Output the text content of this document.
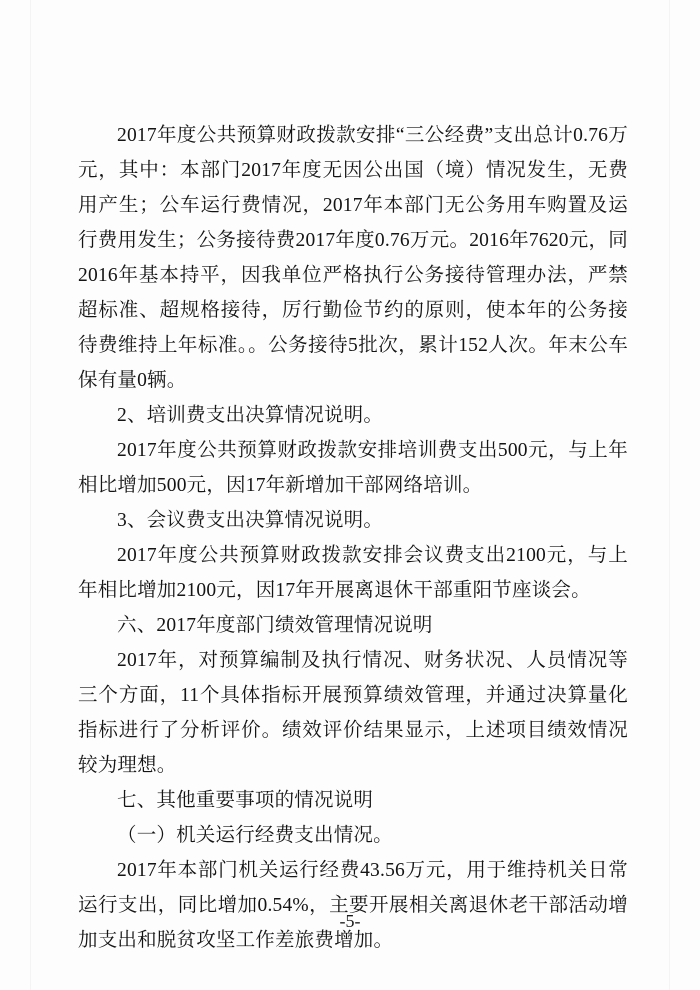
2017年度公共预算财政拨款安排“三公经费”支出总计0.76万元，其中：本部门2017年度无因公出国（境）情况发生，无费用产生；公车运行费情况，2017年本部门无公务用车购置及运行费用发生；公务接待费2017年度0.76万元。2016年7620元，同2016年基本持平，因我单位严格执行公务接待管理办法，严禁超标准、超规格接待，厉行勤俭节约的原则，使本年的公务接待费维持上年标准。。公务接待5批次，累计152人次。年末公车保有量0辆。

2、培训费支出决算情况说明。

2017年度公共预算财政拨款安排培训费支出500元，与上年相比增加500元，因17年新增加干部网络培训。

3、会议费支出决算情况说明。

2017年度公共预算财政拨款安排会议费支出2100元，与上年相比增加2100元，因17年开展离退休干部重阳节座谈会。

六、2017年度部门绩效管理情况说明

2017年，对预算编制及执行情况、财务状况、人员情况等三个方面，11个具体指标开展预算绩效管理，并通过决算量化指标进行了分析评价。绩效评价结果显示，上述项目绩效情况较为理想。

七、其他重要事项的情况说明

（一）机关运行经费支出情况。

2017年本部门机关运行经费43.56万元，用于维持机关日常运行支出，同比增加0.54%，主要开展相关离退休老干部活动增加支出和脱贫攻坚工作差旅费增加。

-5-
